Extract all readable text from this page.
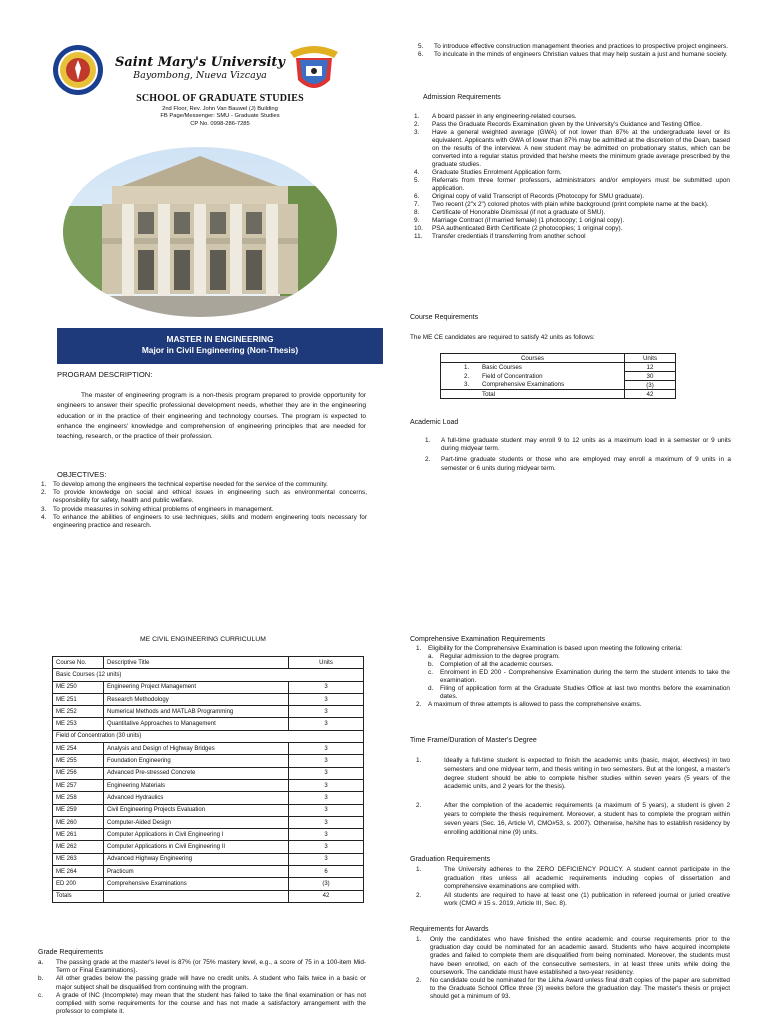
Saint Mary's University
Bayombong, Nueva Vizcaya
SCHOOL OF GRADUATE STUDIES
2nd Floor, Rev. John Van Bauwel (J) Building
FB Page/Messenger: SMU - Graduate Studies
CP No. 0998-286-7285
MASTER IN ENGINEERING
Major in Civil Engineering (Non-Thesis)
PROGRAM DESCRIPTION:
The master of engineering program is a non-thesis program prepared to provide opportunity for engineers to answer their specific professional development needs, whether they are in the engineering education or in the practice of their engineering and technology courses. The program is expected to enhance the engineers' knowledge and comprehension of engineering principles that are needed for teaching, research, or the practice of their profession.
OBJECTIVES:
1.	To develop among the engineers the technical expertise needed for the service of the community.
2.	To provide knowledge on social and ethical issues in engineering such as environmental concerns, responsibility for safety, health and public welfare.
3.	To provide measures in solving ethical problems of engineers in management.
4.	To enhance the abilities of engineers to use techniques, skills and modern engineering tools necessary for engineering practice and research.
5.	To introduce effective construction management theories and practices to prospective project engineers.
6.	To inculcate in the minds of engineers Christian values that may help sustain a just and humane society.
Admission Requirements
1.	A board passer in any engineering-related courses.
2.	Pass the Graduate Records Examination given by the University's Guidance and Testing Office.
3.	Have a general weighted average (GWA) of not lower than 87% at the undergraduate level or its equivalent. Applicants with GWA of lower than 87% may be admitted at the discretion of the Dean, based on the results of the interview. A new student may be admitted on probationary status, which can be converted into a regular status provided that he/she meets the minimum grade average prescribed by the graduate studies.
4.	Graduate Studies Enrolment Application form.
5.	Referrals from three former professors, administrators and/or employers must be submitted upon application.
6.	Original copy of valid Transcript of Records (Photocopy for SMU graduate).
7.	Two recent (2"x 2") colored photos with plain white background (print complete name at the back).
8.	Certificate of Honorable Dismissal (if not a graduate of SMU).
9.	Marriage Contract (if married female) (1 photocopy; 1 original copy).
10.	PSA authenticated Birth Certificate (2 photocopies; 1 original copy).
11.	Transfer credentials if transferring from another school
Course Requirements
The ME CE candidates are required to satisfy 42 units as follows:
Courses	Units
1. Basic Courses	12
2. Field of Concentration	30
3. Comprehensive Examinations	(3)
Total	42
Academic Load
1.	A full-time graduate student may enroll 9 to 12 units as a maximum load in a semester or 9 units during midyear term.
2.	Part-time graduate students or those who are employed may enroll a maximum of 9 units in a semester or 6 units during midyear term.
ME CIVIL ENGINEERING CURRICULUM
Course No.	Descriptive Title	Units
Basic Courses (12 units)		
ME 250	Engineering Project Management	3
ME 251	Research Methodology	3
ME 252	Numerical Methods and MATLAB Programming	3
ME 253	Quantitative Approaches to Management	3
Field of Concentration (30 units)		
ME 254	Analysis and Design of Highway Bridges	3
ME 255	Foundation Engineering	3
ME 256	Advanced Pre-stressed Concrete	3
ME 257	Engineering Materials	3
ME 258	Advanced Hydraulics	3
ME 259	Civil Engineering Projects Evaluation	3
ME 260	Computer-Aided Design	3
ME 261	Computer Applications in Civil Engineering I	3
ME 262	Computer Applications in Civil Engineering II	3
ME 263	Advanced Highway Engineering	3
ME 264	Practicum	6
ED 200	Comprehensive Examinations	(3)
Totals		42
Grade Requirements
a.	The passing grade at the master's level is 87% (or 75% mastery level, e.g., a score of 75 in a 100-item Mid-Term or Final Examinations).
b.	All other grades below the passing grade will have no credit units. A student who fails twice in a basic or major subject shall be disqualified from continuing with the program.
c.	A grade of INC (Incomplete) may mean that the student has failed to take the final examination or has not complied with some requirements for the course and has not made a satisfactory arrangement with the professor to complete it.
Comprehensive Examination Requirements
1.	Eligibility for the Comprehensive Examination is based upon meeting the following criteria:
a.	Regular admission to the degree program.
b.	Completion of all the academic courses.
c.	Enrolment in ED 200 - Comprehensive Examination during the term the student intends to take the examination.
d.	Filing of application form at the Graduate Studies Office at last two months before the examination dates.
2.	A maximum of three attempts is allowed to pass the comprehensive exams.
Time Frame/Duration of Master's Degree
1.	Ideally a full-time student is expected to finish the academic units (basic, major, electives) in two semesters and one midyear term, and thesis writing in two semesters. But at the longest, a master's degree student should be able to complete his/her studies within seven years (5 years of the academic units, and 2 years for the thesis).
2.	After the completion of the academic requirements (a maximum of 5 years), a student is given 2 years to complete the thesis requirement. Moreover, a student has to complete the program within seven years (Sec. 16, Article VI, CMO#53, s. 2007). Otherwise, he/she has to establish residency by enrolling additional nine (9) units.
Graduation Requirements
1.	The University adheres to the ZERO DEFICIENCY POLICY. A student cannot participate in the graduation rites unless all academic requirements including copies of dissertation and comprehensive examinations are complied with.
2.	All students are required to have at least one (1) publication in refereed journal or juried creative work (CMO # 15 s. 2019, Article III, Sec. 8).
Requirements for Awards
1.	Only the candidates who have finished the entire academic and course requirements prior to the graduation day could be nominated for an academic award. Students who have acquired incomplete grades and failed to complete them are disqualified from being nominated. Moreover, the students must have been enrolled, on each of the consecutive semesters, in at least three units while doing the coursework. The candidate must have established a two-year residency.
2.	No candidate could be nominated for the Likha Award unless final draft copies of the paper are submitted to the Graduate School Office three (3) weeks before the graduation day. The master's thesis or project should get a minimum of 93.
